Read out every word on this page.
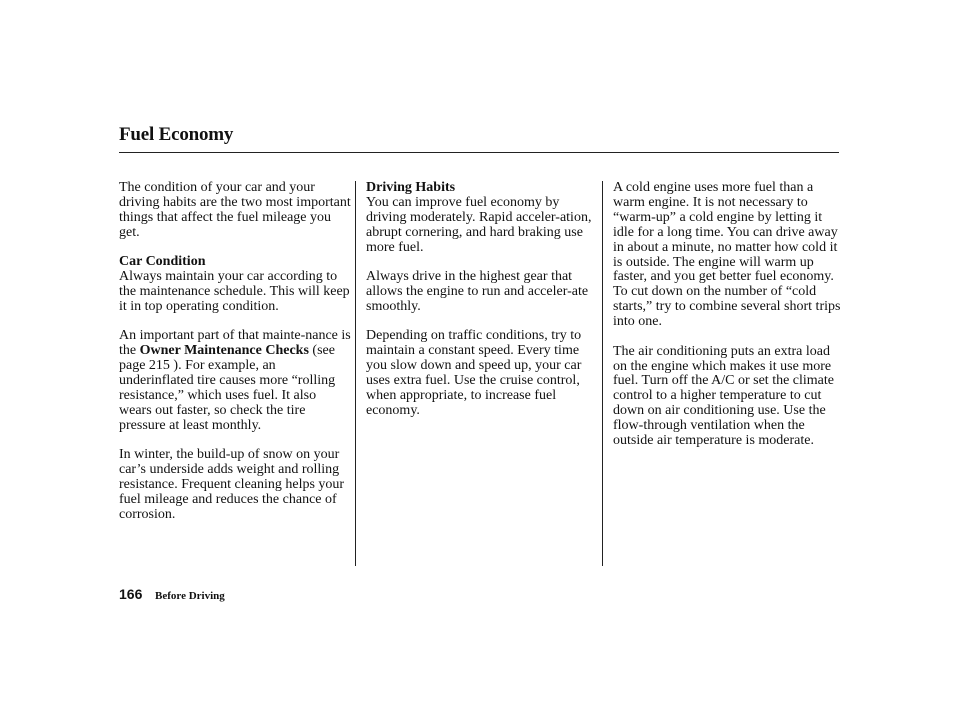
Fuel Economy

The condition of your car and your driving habits are the two most important things that affect the fuel mileage you get.

Car Condition
Always maintain your car according to the maintenance schedule. This will keep it in top operating condition.

An important part of that mainte-nance is the Owner Maintenance Checks (see page 215 ). For example, an underinflated tire causes more “rolling resistance,” which uses fuel. It also wears out faster, so check the tire pressure at least monthly.

In winter, the build-up of snow on your car’s underside adds weight and rolling resistance. Frequent cleaning helps your fuel mileage and reduces the chance of corrosion.

Driving Habits
You can improve fuel economy by driving moderately. Rapid acceler-ation, abrupt cornering, and hard braking use more fuel.

Always drive in the highest gear that allows the engine to run and acceler-ate smoothly.

Depending on traffic conditions, try to maintain a constant speed. Every time you slow down and speed up, your car uses extra fuel. Use the cruise control, when appropriate, to increase fuel economy.

A cold engine uses more fuel than a warm engine. It is not necessary to “warm-up” a cold engine by letting it idle for a long time. You can drive away in about a minute, no matter how cold it is outside. The engine will warm up faster, and you get better fuel economy. To cut down on the number of “cold starts,” try to combine several short trips into one.

The air conditioning puts an extra load on the engine which makes it use more fuel. Turn off the A/C or set the climate control to a higher temperature to cut down on air conditioning use. Use the flow-through ventilation when the outside air temperature is moderate.

166 Before Driving
